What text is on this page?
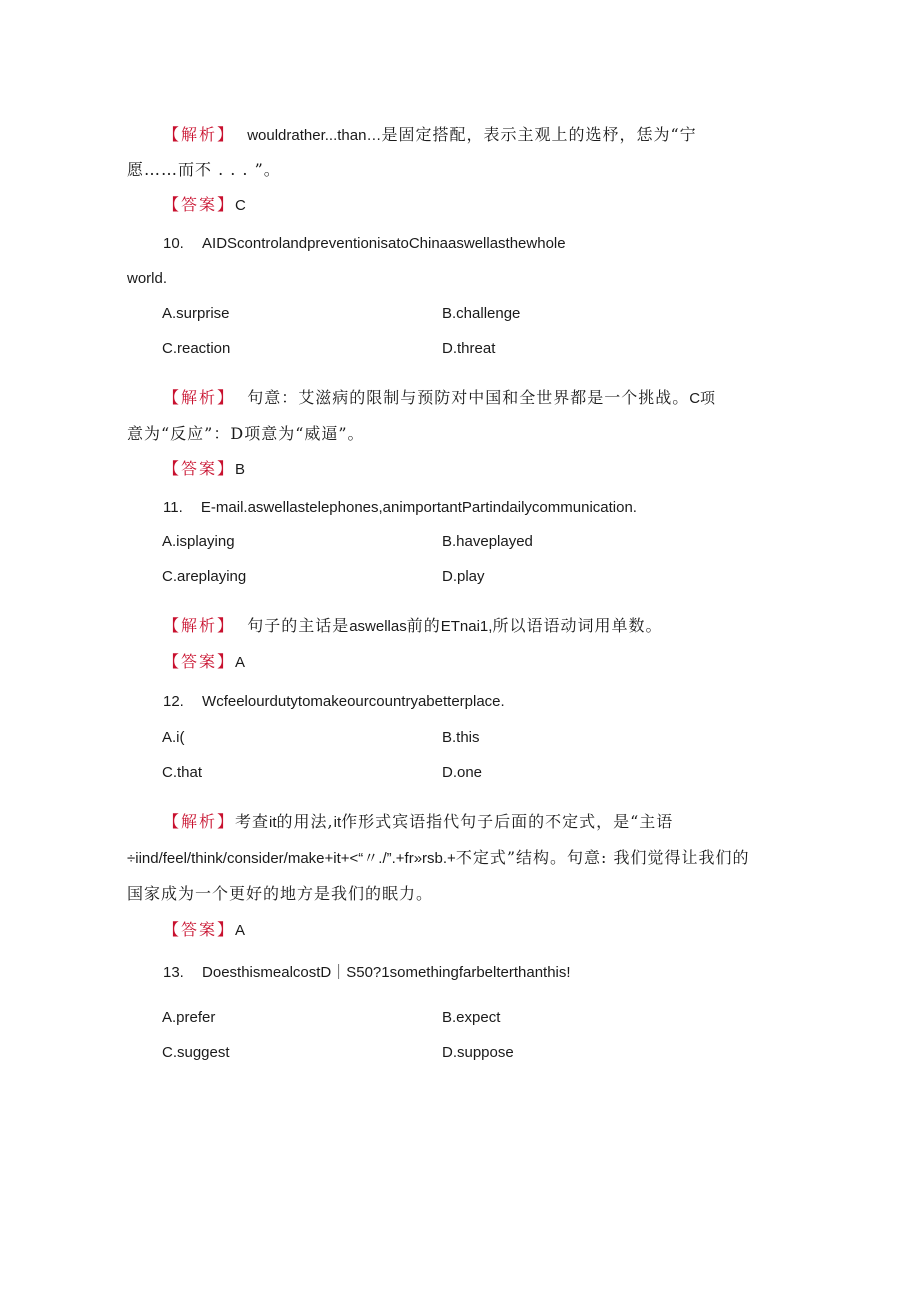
【解析】 wouldrather...than…是固定搭配，表示主观上的选杼，恁为“宁
愿……而不 . . . ”。
【答案】C
10. AIDScontrolandpreventionisatoChinaaswellasthewhole
world.
A.surprise	B.challenge
C.reaction	D.threat
【解析】 句意：艾滋病的限制与预防对中国和全世界都是一个挑战。C项
意为“反应”：D项意为“威逼”。
【答案】B
11. E-mail.aswellastelephones,animportantPartindailycommunication.
A.isplaying	B.haveplayed
C.areplaying	D.play
【解析】 句子的主话是aswellas前的ETnai1,所以语语动词用单数。
【答案】A
12. Wcfeelourdutytomakeourcountryabetterplace.
A.i(	B.this
C.that	D.one
【解析】考查it的用法,it作形式宾语指代句子后面的不定式，是“主语
÷iind/feel/think/consider/make+it+<“〃./”.+fr»rsb.+不定式”结构。句意: 我们觉得让我们的
国家成为一个更好的地方是我们的眠力。
【答案】A
13. DoesthismealcostD｜S50?1somethingfarbelterthanthis!
A.prefer	B.expect
C.suggest	D.suppose
